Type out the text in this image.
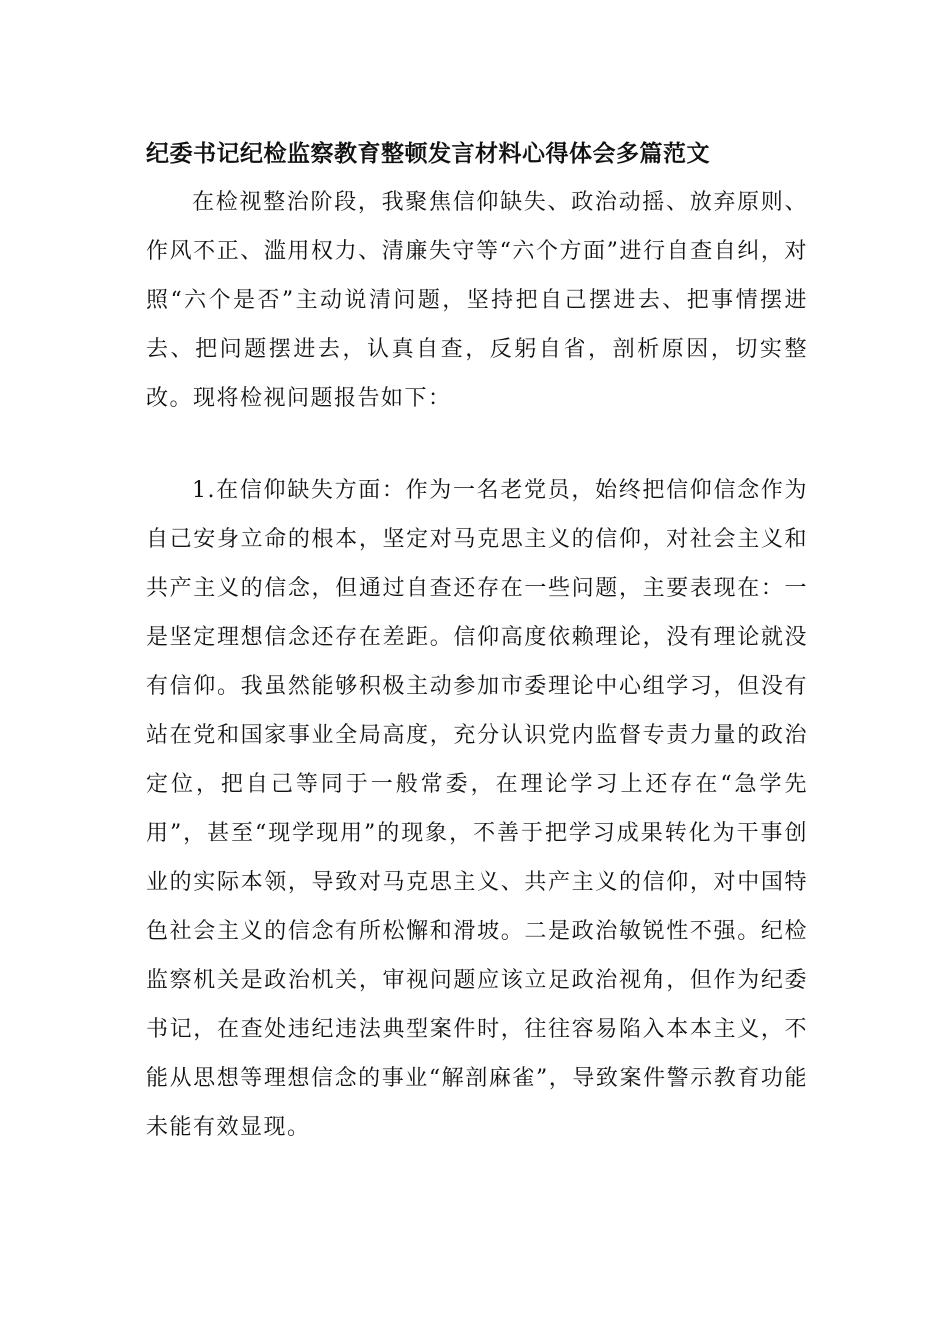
纪委书记纪检监察教育整顿发言材料心得体会多篇范文

在检视整治阶段，我聚焦信仰缺失、政治动摇、放弃原则、作风不正、滥用权力、清廉失守等“六个方面”进行自查自纠，对照“六个是否”主动说清问题，坚持把自己摆进去、把事情摆进去、把问题摆进去，认真自查，反躬自省，剖析原因，切实整改。现将检视问题报告如下：

1.在信仰缺失方面：作为一名老党员，始终把信仰信念作为自己安身立命的根本，坚定对马克思主义的信仰，对社会主义和共产主义的信念，但通过自查还存在一些问题，主要表现在：一是坚定理想信念还存在差距。信仰高度依赖理论，没有理论就没有信仰。我虽然能够积极主动参加市委理论中心组学习，但没有站在党和国家事业全局高度，充分认识党内监督专责力量的政治定位，把自己等同于一般常委，在理论学习上还存在“急学先用”，甚至“现学现用”的现象，不善于把学习成果转化为干事创业的实际本领，导致对马克思主义、共产主义的信仰，对中国特色社会主义的信念有所松懈和滑坡。二是政治敏锐性不强。纪检监察机关是政治机关，审视问题应该立足政治视角，但作为纪委书记，在查处违纪违法典型案件时，往往容易陷入本本主义，不能从思想等理想信念的事业“解剖麻雀”，导致案件警示教育功能未能有效显现。
